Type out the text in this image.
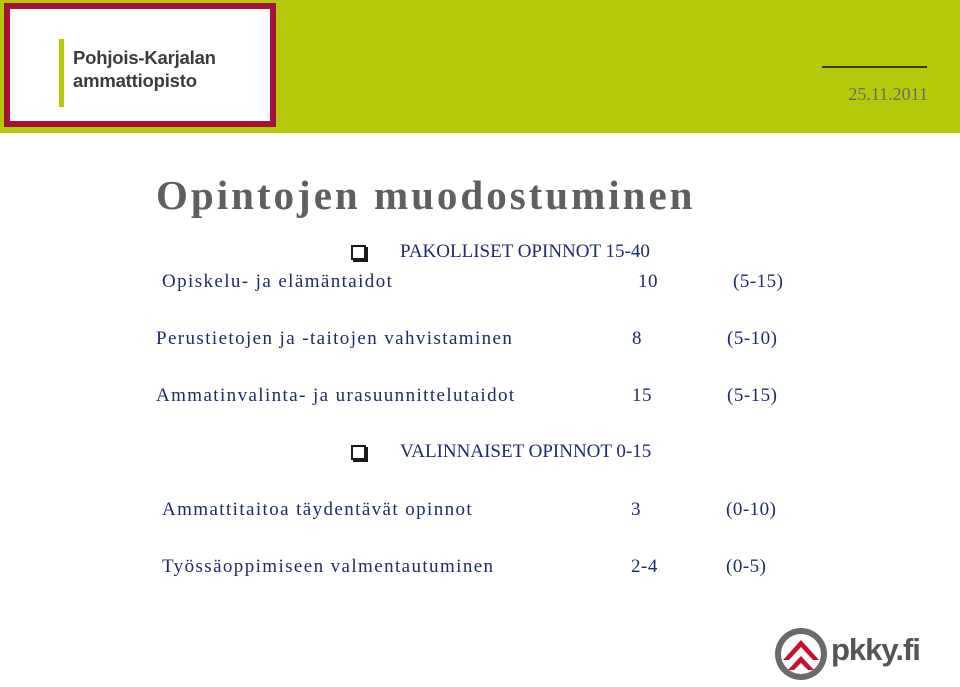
Pohjois-Karjalan
ammattiopisto
25.11.2011
Opintojen muodostuminen
PAKOLLISET OPINNOT 15-40
Opiskelu- ja elämäntaidot	10	(5-15)
Perustietojen ja -taitojen vahvistaminen	8	(5-10)
Ammatinvalinta- ja urasuunnittelutaidot	15	(5-15)
VALINNAISET OPINNOT 0-15
Ammattitaitoa täydentävät opinnot	3	(0-10)
Työssäoppimiseen valmentautuminen	2-4	(0-5)
pkky.fi
